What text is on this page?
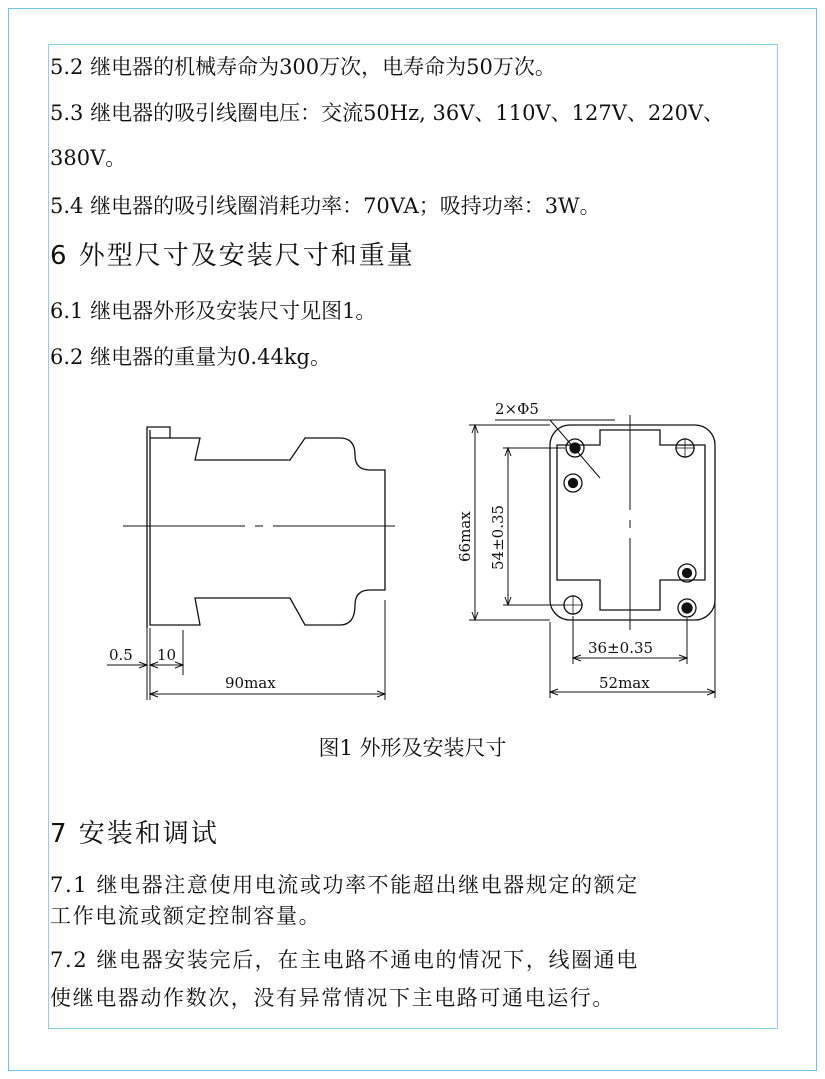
5.2 继电器的机械寿命为300万次，电寿命为50万次。

5.3 继电器的吸引线圈电压：交流50Hz, 36V、110V、127V、220V、

380V。

5.4 继电器的吸引线圈消耗功率：70VA；吸持功率：3W。

6 外型尺寸及安装尺寸和重量

6.1 继电器外形及安装尺寸见图1。

6.2 继电器的重量为0.44kg。

0.5 10
90max
2×Φ5
66max 54±0.35
36±0.35
52max

图1 外形及安装尺寸

7 安装和调试

7.1 继电器注意使用电流或功率不能超出继电器规定的额定

工作电流或额定控制容量。

7.2 继电器安装完后，在主电路不通电的情况下，线圈通电

使继电器动作数次，没有异常情况下主电路可通电运行。
